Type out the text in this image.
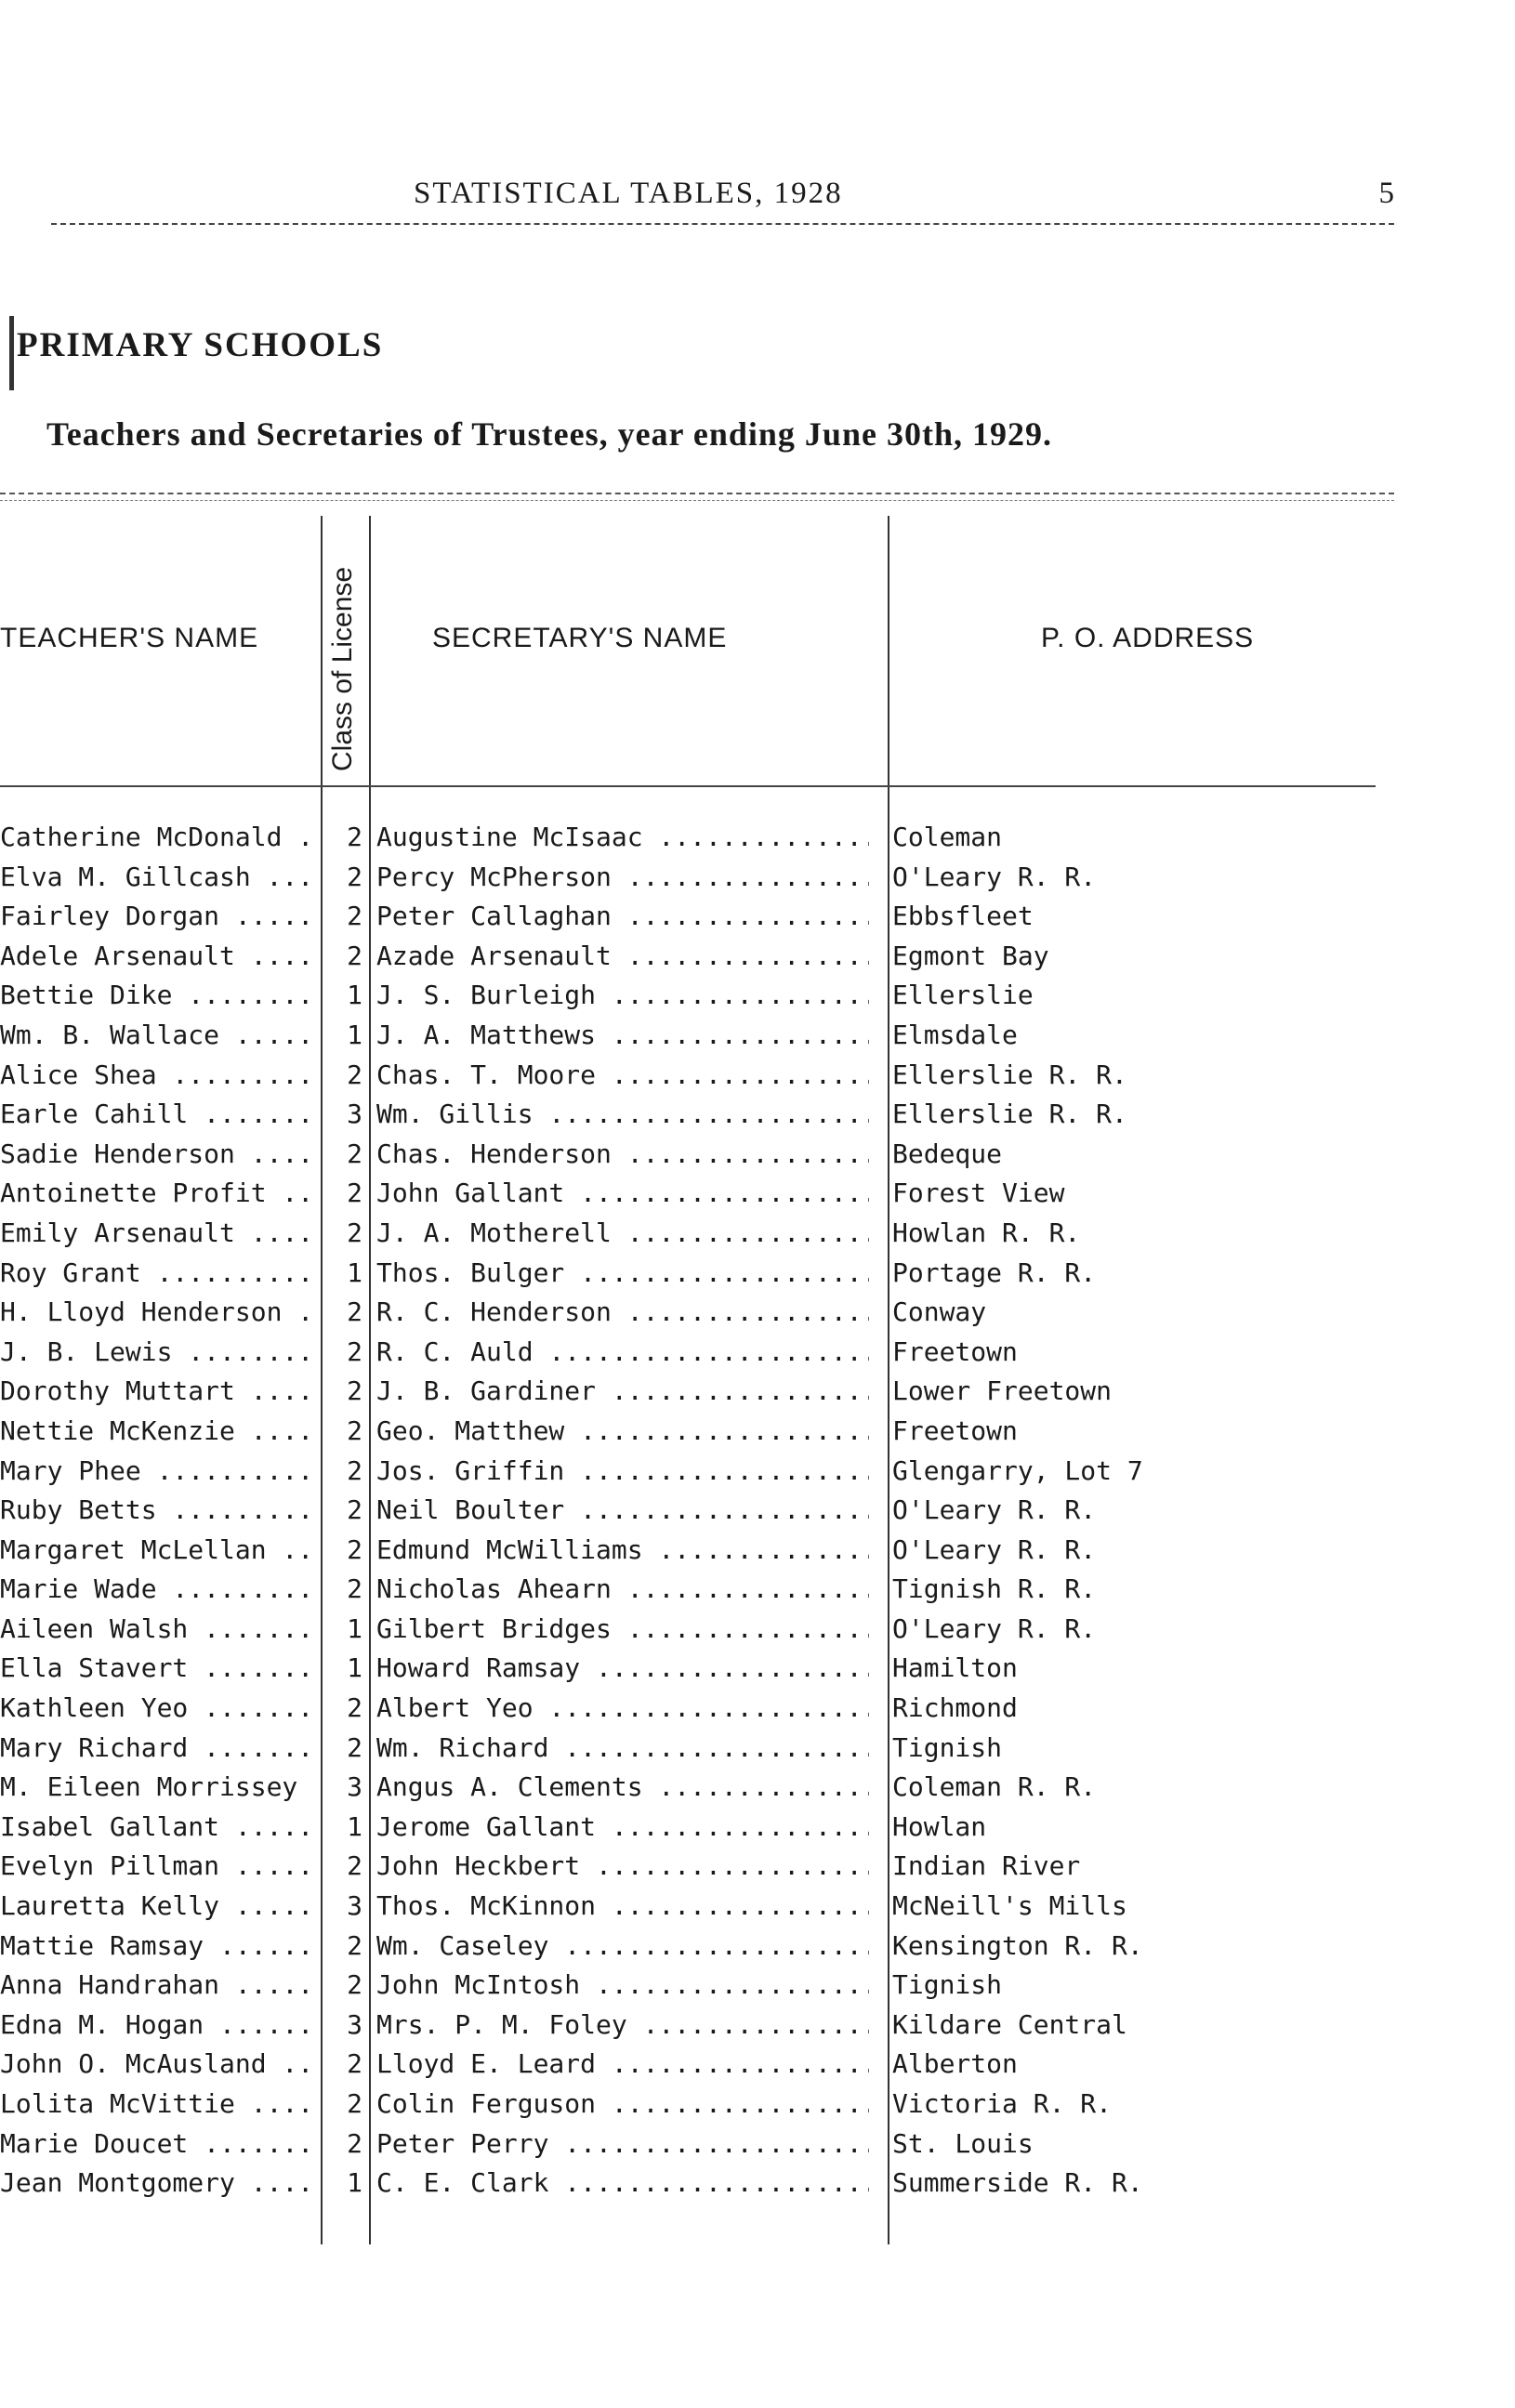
STATISTICAL TABLES, 1928	5
PRIMARY SCHOOLS
Teachers and Secretaries of Trustees, year ending June 30th, 1929.
TEACHER'S NAME Class of License	SECRETARY'S NAME	P. O. ADDRESS
Catherine McDonald .....	2 Augustine McIsaac .....	Coleman
Elva M. Gillcash .....	2 Percy McPherson .....	O'Leary R. R.
Fairley Dorgan .....	2 Peter Callaghan .....	Ebbsfleet
Adele Arsenault .....	2 Azade Arsenault .....	Egmont Bay
Bettie Dike .....	1 J. S. Burleigh .....	Ellerslie
Wm. B. Wallace .....	1 J. A. Matthews .....	Elmsdale
Alice Shea .....	2 Chas. T. Moore .....	Ellerslie R. R.
Earle Cahill .....	3 Wm. Gillis .....	Ellerslie R. R.
Sadie Henderson .....	2 Chas. Henderson .....	Bedeque
Antoinette Profit .....	2 John Gallant .....	Forest View
Emily Arsenault .....	2 J. A. Motherell .....	Howlan R. R.
Roy Grant .....	1 Thos. Bulger .....	Portage R. R.
H. Lloyd Henderson .....	2 R. C. Henderson .....	Conway
J. B. Lewis .....	2 R. C. Auld .....	Freetown
Dorothy Muttart .....	2 J. B. Gardiner .....	Lower Freetown
Nettie McKenzie .....	2 Geo. Matthew .....	Freetown
Mary Phee .....	2 Jos. Griffin .....	Glengarry, Lot 7
Ruby Betts .....	2 Neil Boulter .....	O'Leary R. R.
Margaret McLellan .....	2 Edmund McWilliams .....	O'Leary R. R.
Marie Wade .....	2 Nicholas Ahearn .....	Tignish R. R.
Aileen Walsh .....	1 Gilbert Bridges .....	O'Leary R. R.
Ella Stavert .....	1 Howard Ramsay .....	Hamilton
Kathleen Yeo .....	2 Albert Yeo .....	Richmond
Mary Richard .....	2 Wm. Richard .....	Tignish
M. Eileen Morrissey .....	3 Angus A. Clements .....	Coleman R. R.
Isabel Gallant .....	1 Jerome Gallant .....	Howlan
Evelyn Pillman .....	2 John Heckbert .....	Indian River
Lauretta Kelly .....	3 Thos. McKinnon .....	McNeill's Mills
Mattie Ramsay .....	2 Wm. Caseley .....	Kensington R. R.
Anna Handrahan .....	2 John McIntosh .....	Tignish
Edna M. Hogan .....	3 Mrs. P. M. Foley .....	Kildare Central
John O. McAusland .....	2 Lloyd E. Leard .....	Alberton
Lolita McVittie .....	2 Colin Ferguson .....	Victoria R. R.
Marie Doucet .....	2 Peter Perry .....	St. Louis
Jean Montgomery .....	1 C. E. Clark .....	Summerside R. R.
